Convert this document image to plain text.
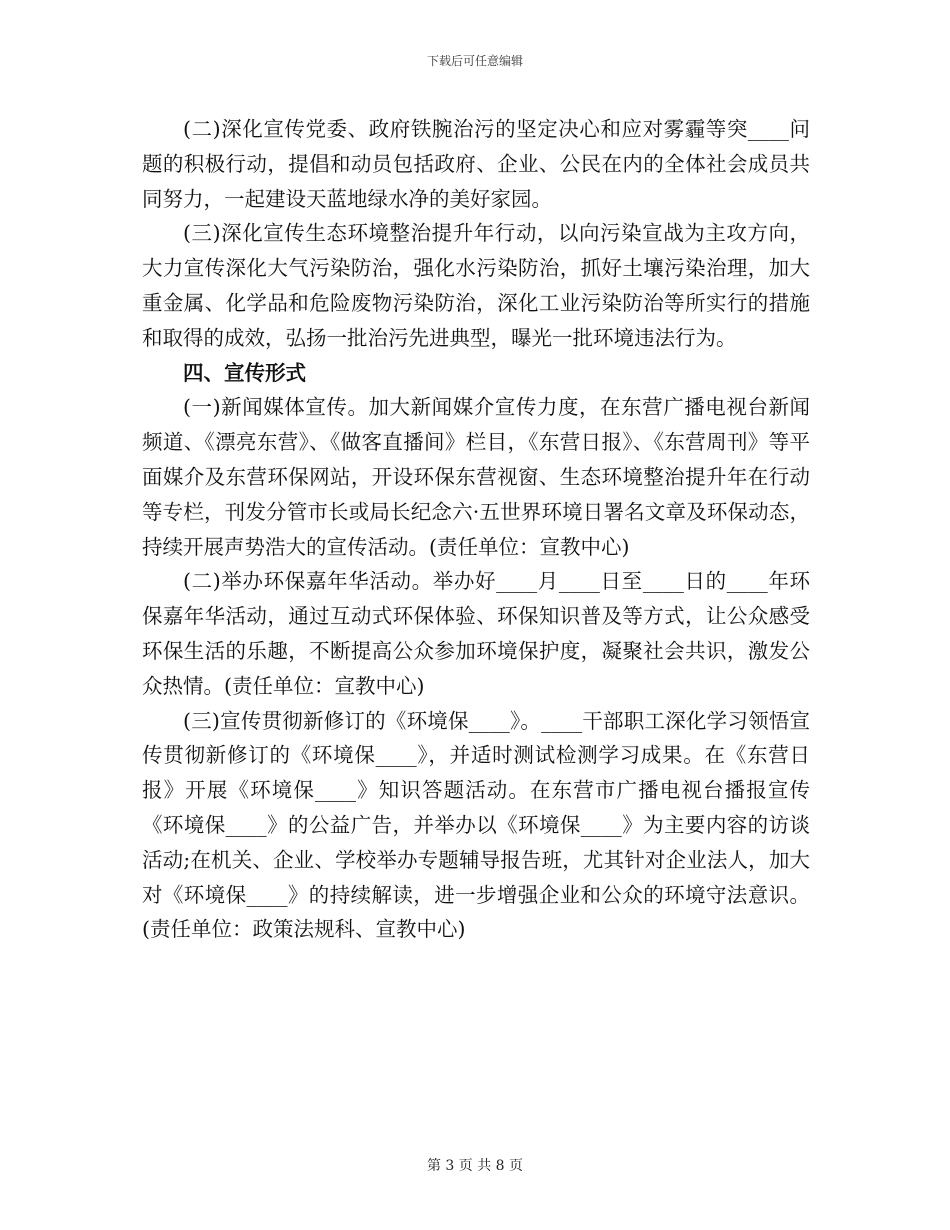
下载后可任意编辑

(二)深化宣传党委、政府铁腕治污的坚定决心和应对雾霾等突____问题的积极行动，提倡和动员包括政府、企业、公民在内的全体社会成员共同努力，一起建设天蓝地绿水净的美好家园。

(三)深化宣传生态环境整治提升年行动，以向污染宣战为主攻方向，大力宣传深化大气污染防治，强化水污染防治，抓好土壤污染治理，加大重金属、化学品和危险废物污染防治，深化工业污染防治等所实行的措施和取得的成效，弘扬一批治污先进典型，曝光一批环境违法行为。

四、宣传形式

(一)新闻媒体宣传。加大新闻媒介宣传力度，在东营广播电视台新闻频道、《漂亮东营》、《做客直播间》栏目，《东营日报》、《东营周刊》等平面媒介及东营环保网站，开设环保东营视窗、生态环境整治提升年在行动等专栏，刊发分管市长或局长纪念六·五世界环境日署名文章及环保动态，持续开展声势浩大的宣传活动。(责任单位：宣教中心)

(二)举办环保嘉年华活动。举办好____月____日至____日的____年环保嘉年华活动，通过互动式环保体验、环保知识普及等方式，让公众感受环保生活的乐趣，不断提高公众参加环境保护度，凝聚社会共识，激发公众热情。(责任单位：宣教中心)

(三)宣传贯彻新修订的《环境保____》。____干部职工深化学习领悟宣传贯彻新修订的《环境保____》，并适时测试检测学习成果。在《东营日报》开展《环境保____》知识答题活动。在东营市广播电视台播报宣传《环境保____》的公益广告，并举办以《环境保____》为主要内容的访谈活动;在机关、企业、学校举办专题辅导报告班，尤其针对企业法人，加大对《环境保____》的持续解读，进一步增强企业和公众的环境守法意识。(责任单位：政策法规科、宣教中心)

第 3 页 共 8 页
